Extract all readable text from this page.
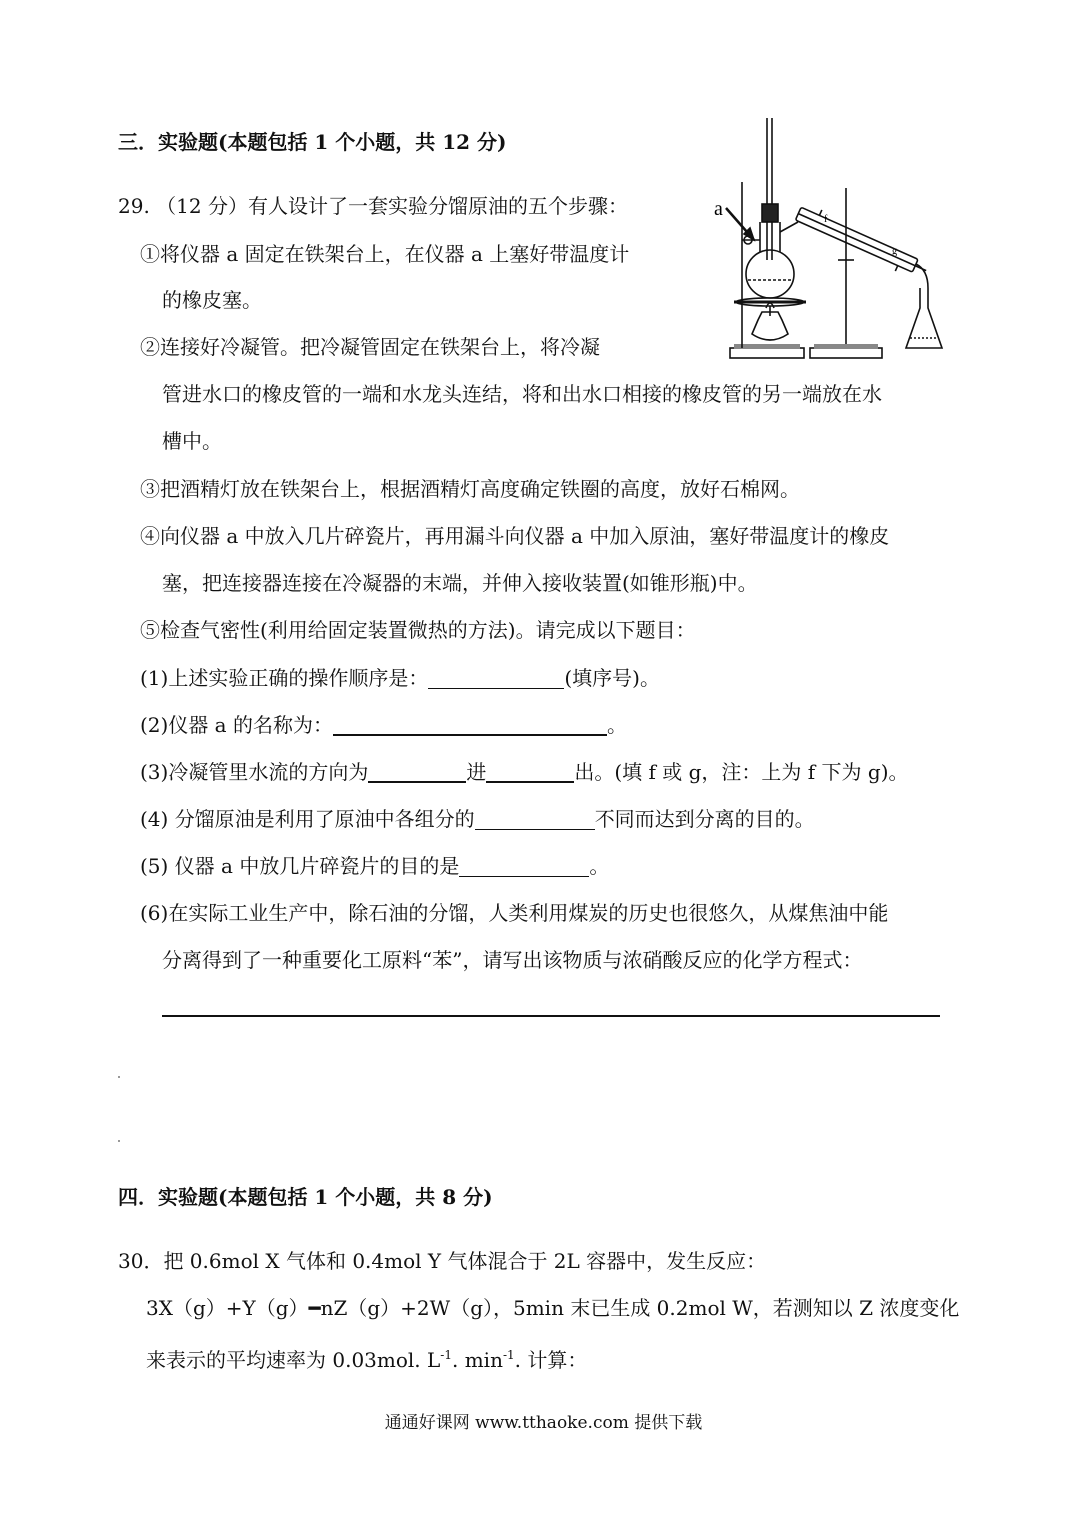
三．实验题(本题包括 1 个小题，共 12 分)
29. （12 分）有人设计了一套实验分馏原油的五个步骤：
①将仪器 a 固定在铁架台上，在仪器 a 上塞好带温度计
的橡皮塞。
②连接好冷凝管。把冷凝管固定在铁架台上，将冷凝
管进水口的橡皮管的一端和水龙头连结，将和出水口相接的橡皮管的另一端放在水
槽中。
③把酒精灯放在铁架台上，根据酒精灯高度确定铁圈的高度，放好石棉网。
④向仪器 a 中放入几片碎瓷片，再用漏斗向仪器 a 中加入原油，塞好带温度计的橡皮
塞，把连接器连接在冷凝器的末端，并伸入接收装置(如锥形瓶)中。
⑤检查气密性(利用给固定装置微热的方法)。请完成以下题目：
(1)上述实验正确的操作顺序是：	(填序号)。
(2)仪器 a 的名称为：	。
(3)冷凝管里水流的方向为	进	出。(填 f 或 g，注：上为 f 下为 g)。
(4) 分馏原油是利用了原油中各组分的	不同而达到分离的目的。
(5) 仪器 a 中放几片碎瓷片的目的是	。
(6)在实际工业生产中，除石油的分馏，人类利用煤炭的历史也很悠久，从煤焦油中能
分离得到了一种重要化工原料“苯”，请写出该物质与浓硝酸反应的化学方程式：
a	f
g
四．实验题(本题包括 1 个小题，共 8 分)
30．把 0.6mol X 气体和 0.4mol Y 气体混合于 2L 容器中，发生反应：
3X（g）+Y（g）━nZ（g）+2W（g），5min 末已生成 0.2mol W，若测知以 Z 浓度变化
来表示的平均速率为 0.03mol. $L^{-1}$. $\min^{-1}$. 计算：
通通好课网 www.tthaoke.com 提供下载
